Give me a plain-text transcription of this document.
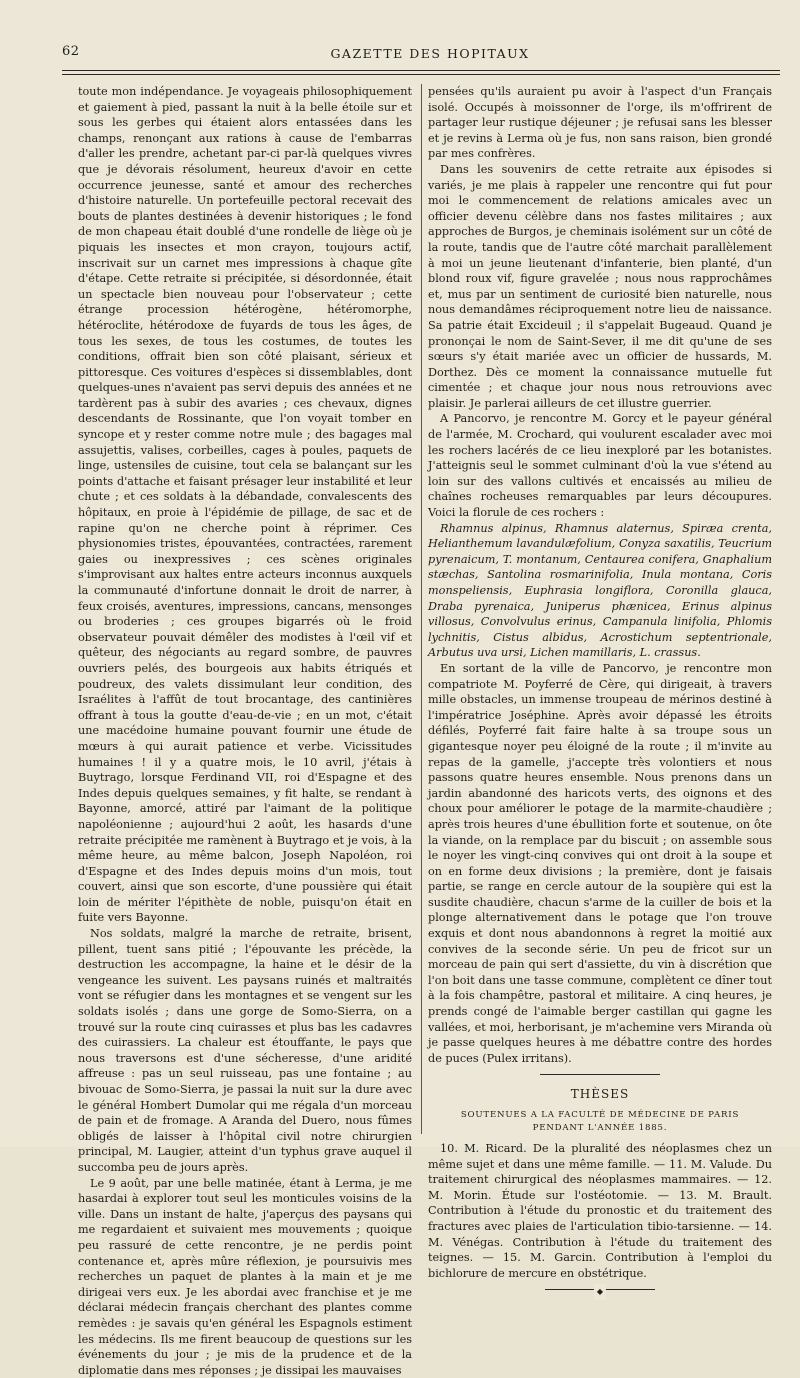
62	GAZETTE DES HOPITAUX

toute mon indépendance. Je voyageais philosophiquement et gaiement à pied, passant la nuit à la belle étoile sur et sous les gerbes qui étaient alors entassées dans les champs, renonçant aux rations à cause de l'embarras d'aller les prendre, achetant par-ci par-là quelques vivres que je dévorais résolument, heureux d'avoir en cette occurrence jeunesse, santé et amour des recherches d'histoire naturelle. Un portefeuille pectoral recevait des bouts de plantes destinées à devenir historiques ; le fond de mon chapeau était doublé d'une rondelle de liège où je piquais les insectes et mon crayon, toujours actif, inscrivait sur un carnet mes impressions à chaque gîte d'étape. Cette retraite si précipitée, si désordonnée, était un spectacle bien nouveau pour l'observateur ; cette étrange procession hétérogène, hétéromorphe, hétéroclite, hétérodoxe de fuyards de tous les âges, de tous les sexes, de tous les costumes, de toutes les conditions, offrait bien son côté plaisant, sérieux et pittoresque. Ces voitures d'espèces si dissemblables, dont quelques-unes n'avaient pas servi depuis des années et ne tardèrent pas à subir des avaries ; ces chevaux, dignes descendants de Rossinante, que l'on voyait tomber en syncope et y rester comme notre mule ; des bagages mal assujettis, valises, corbeilles, cages à poules, paquets de linge, ustensiles de cuisine, tout cela se balançant sur les points d'attache et faisant présager leur instabilité et leur chute ; et ces soldats à la débandade, convalescents des hôpitaux, en proie à l'épidémie de pillage, de sac et de rapine qu'on ne cherche point à réprimer. Ces physionomies tristes, épouvantées, contractées, rarement gaies ou inexpressives ; ces scènes originales s'improvisant aux haltes entre acteurs inconnus auxquels la communauté d'infortune donnait le droit de narrer, à feux croisés, aventures, impressions, cancans, mensonges ou broderies ; ces groupes bigarrés où le froid observateur pouvait démêler des modistes à l'œil vif et quêteur, des négociants au regard sombre, de pauvres ouvriers pelés, des bourgeois aux habits étriqués et poudreux, des valets dissimulant leur condition, des Israélites à l'affût de tout brocantage, des cantinières offrant à tous la goutte d'eau-de-vie ; en un mot, c'était une macédoine humaine pouvant fournir une étude de mœurs à qui aurait patience et verbe. Vicissitudes humaines ! il y a quatre mois, le 10 avril, j'étais à Buytrago, lorsque Ferdinand VII, roi d'Espagne et des Indes depuis quelques semaines, y fit halte, se rendant à Bayonne, amorcé, attiré par l'aimant de la politique napoléonienne ; aujourd'hui 2 août, les hasards d'une retraite précipitée me ramènent à Buytrago et je vois, à la même heure, au même balcon, Joseph Napoléon, roi d'Espagne et des Indes depuis moins d'un mois, tout couvert, ainsi que son escorte, d'une poussière qui était loin de mériter l'épithète de noble, puisqu'on était en fuite vers Bayonne.

Nos soldats, malgré la marche de retraite, brisent, pillent, tuent sans pitié ; l'épouvante les précède, la destruction les accompagne, la haine et le désir de la vengeance les suivent. Les paysans ruinés et maltraités vont se réfugier dans les montagnes et se vengent sur les soldats isolés ; dans une gorge de Somo-Sierra, on a trouvé sur la route cinq cuirasses et plus bas les cadavres des cuirassiers. La chaleur est étouffante, le pays que nous traversons est d'une sécheresse, d'une aridité affreuse : pas un seul ruisseau, pas une fontaine ; au bivouac de Somo-Sierra, je passai la nuit sur la dure avec le général Hombert Dumolar qui me régala d'un morceau de pain et de fromage. A Aranda del Duero, nous fûmes obligés de laisser à l'hôpital civil notre chirurgien principal, M. Laugier, atteint d'un typhus grave auquel il succomba peu de jours après.

Le 9 août, par une belle matinée, étant à Lerma, je me hasardai à explorer tout seul les monticules voisins de la ville. Dans un instant de halte, j'aperçus des paysans qui me regardaient et suivaient mes mouvements ; quoique peu rassuré de cette rencontre, je ne perdis point contenance et, après mûre réflexion, je poursuivis mes recherches un paquet de plantes à la main et je me dirigeai vers eux. Je les abordai avec franchise et je me déclarai médecin français cherchant des plantes comme remèdes : je savais qu'en général les Espagnols estiment les médecins. Ils me firent beaucoup de questions sur les événements du jour ; je mis de la prudence et de la diplomatie dans mes réponses ; je dissipai les mauvaises

pensées qu'ils auraient pu avoir à l'aspect d'un Français isolé. Occupés à moissonner de l'orge, ils m'offrirent de partager leur rustique déjeuner ; je refusai sans les blesser et je revins à Lerma où je fus, non sans raison, bien grondé par mes confrères.

Dans les souvenirs de cette retraite aux épisodes si variés, je me plais à rappeler une rencontre qui fut pour moi le commencement de relations amicales avec un officier devenu célèbre dans nos fastes militaires ; aux approches de Burgos, je cheminais isolément sur un côté de la route, tandis que de l'autre côté marchait parallèlement à moi un jeune lieutenant d'infanterie, bien planté, d'un blond roux vif, figure gravelée ; nous nous rapprochâmes et, mus par un sentiment de curiosité bien naturelle, nous nous demandâmes réciproquement notre lieu de naissance. Sa patrie était Excideuil ; il s'appelait Bugeaud. Quand je prononçai le nom de Saint-Sever, il me dit qu'une de ses sœurs s'y était mariée avec un officier de hussards, M. Dorthez. Dès ce moment la connaissance mutuelle fut cimentée ; et chaque jour nous nous retrouvions avec plaisir. Je parlerai ailleurs de cet illustre guerrier.

A Pancorvo, je rencontre M. Gorcy et le payeur général de l'armée, M. Crochard, qui voulurent escalader avec moi les rochers lacérés de ce lieu inexploré par les botanistes. J'atteignis seul le sommet culminant d'où la vue s'étend au loin sur des vallons cultivés et encaissés au milieu de chaînes rocheuses remarquables par leurs découpures. Voici la florule de ces rochers :

Rhamnus alpinus, Rhamnus alaternus, Spiræa crenta, Helianthemum lavandulæfolium, Conyza saxatilis, Teucrium pyrenaicum, T. montanum, Centaurea conifera, Gnaphalium stæchas, Santolina rosmarinifolia, Inula montana, Coris monspeliensis, Euphrasia longiflora, Coronilla glauca, Draba pyrenaica, Juniperus phænicea, Erinus alpinus villosus, Convolvulus erinus, Campanula linifolia, Phlomis lychnitis, Cistus albidus, Acrostichum septentrionale, Arbutus uva ursi, Lichen mamillaris, L. crassus.

En sortant de la ville de Pancorvo, je rencontre mon compatriote M. Poyferré de Cère, qui dirigeait, à travers mille obstacles, un immense troupeau de mérinos destiné à l'impératrice Joséphine. Après avoir dépassé les étroits défilés, Poyferré fait faire halte à sa troupe sous un gigantesque noyer peu éloigné de la route ; il m'invite au repas de la gamelle, j'accepte très volontiers et nous passons quatre heures ensemble. Nous prenons dans un jardin abandonné des haricots verts, des oignons et des choux pour améliorer le potage de la marmite-chaudière ; après trois heures d'une ébullition forte et soutenue, on ôte la viande, on la remplace par du biscuit ; on assemble sous le noyer les vingt-cinq convives qui ont droit à la soupe et on en forme deux divisions ; la première, dont je faisais partie, se range en cercle autour de la soupière qui est la susdite chaudière, chacun s'arme de la cuiller de bois et la plonge alternativement dans le potage que l'on trouve exquis et dont nous abandonnons à regret la moitié aux convives de la seconde série. Un peu de fricot sur un morceau de pain qui sert d'assiette, du vin à discrétion que l'on boit dans une tasse commune, complètent ce dîner tout à la fois champêtre, pastoral et militaire. A cinq heures, je prends congé de l'aimable berger castillan qui gagne les vallées, et moi, herborisant, je m'achemine vers Miranda où je passe quelques heures à me débattre contre des hordes de puces (Pulex irritans).

THÈSES
SOUTENUES A LA FACULTÉ DE MÉDECINE DE PARIS
PENDANT L'ANNÉE 1885.

10. M. Ricard. De la pluralité des néoplasmes chez un même sujet et dans une même famille. — 11. M. Valude. Du traitement chirurgical des néoplasmes mammaires. — 12. M. Morin. Étude sur l'ostéotomie. — 13. M. Brault. Contribution à l'étude du pronostic et du traitement des fractures avec plaies de l'articulation tibio-tarsienne. — 14. M. Vénégas. Contribution à l'étude du traitement des teignes. — 15. M. Garcin. Contribution à l'emploi du bichlorure de mercure en obstétrique.

◆
